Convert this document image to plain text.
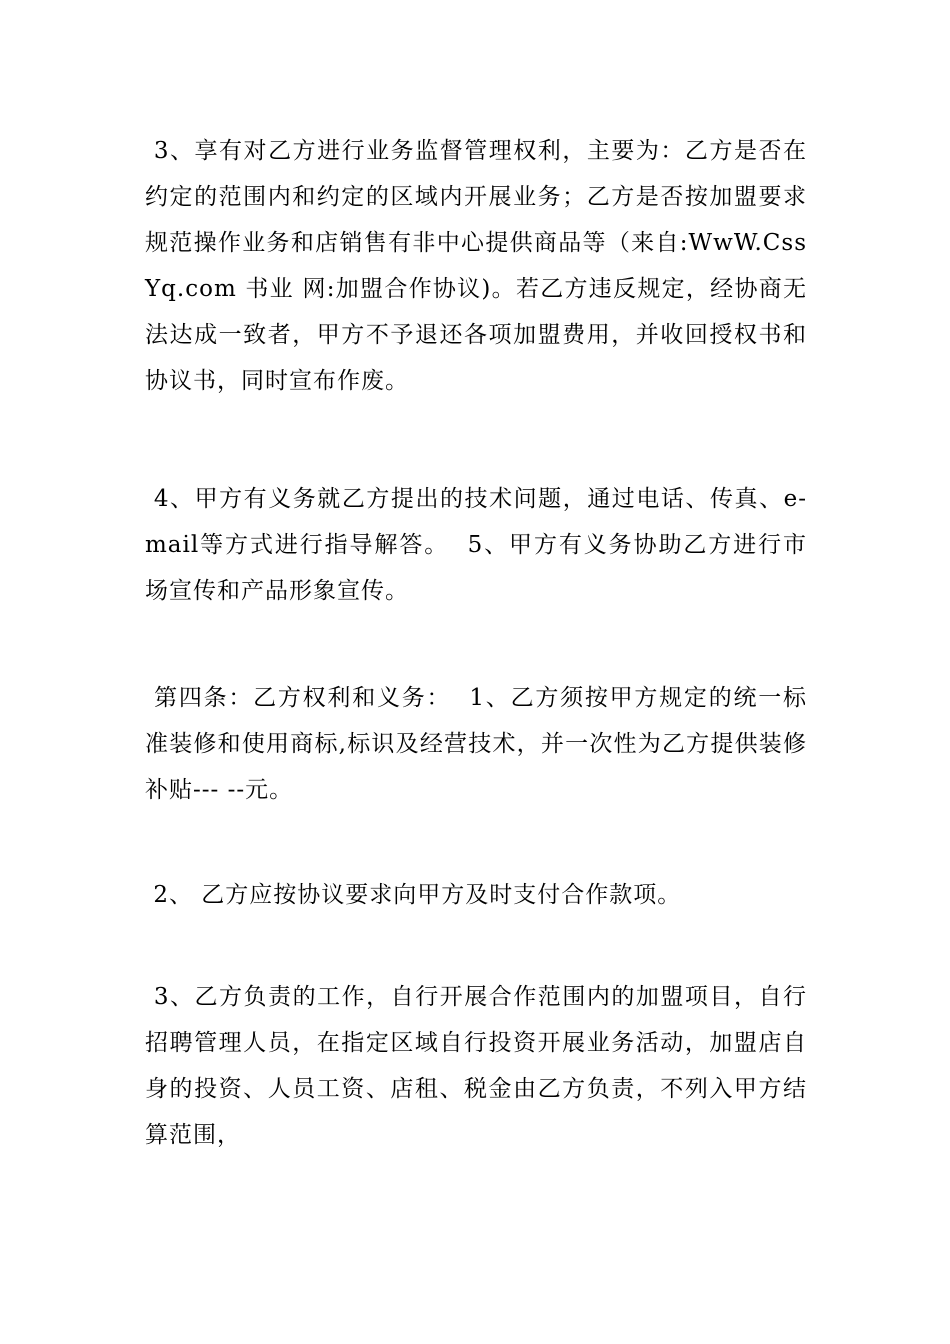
3、享有对乙方进行业务监督管理权利，主要为：乙方是否在约定的范围内和约定的区域内开展业务；乙方是否按加盟要求规范操作业务和店销售有非中心提供商品等（来自:WwW.CssYq.com 书业 网:加盟合作协议)。若乙方违反规定，经协商无法达成一致者，甲方不予退还各项加盟费用，并收回授权书和协议书，同时宣布作废。

4、甲方有义务就乙方提出的技术问题，通过电话、传真、e-mail等方式进行指导解答。  5、甲方有义务协助乙方进行市场宣传和产品形象宣传。

第四条：乙方权利和义务：  1、乙方须按甲方规定的统一标准装修和使用商标,标识及经营技术，并一次性为乙方提供装修补贴--- --元。

2、 乙方应按协议要求向甲方及时支付合作款项。

3、乙方负责的工作，自行开展合作范围内的加盟项目，自行招聘管理人员，在指定区域自行投资开展业务活动，加盟店自身的投资、人员工资、店租、税金由乙方负责，不列入甲方结算范围，
